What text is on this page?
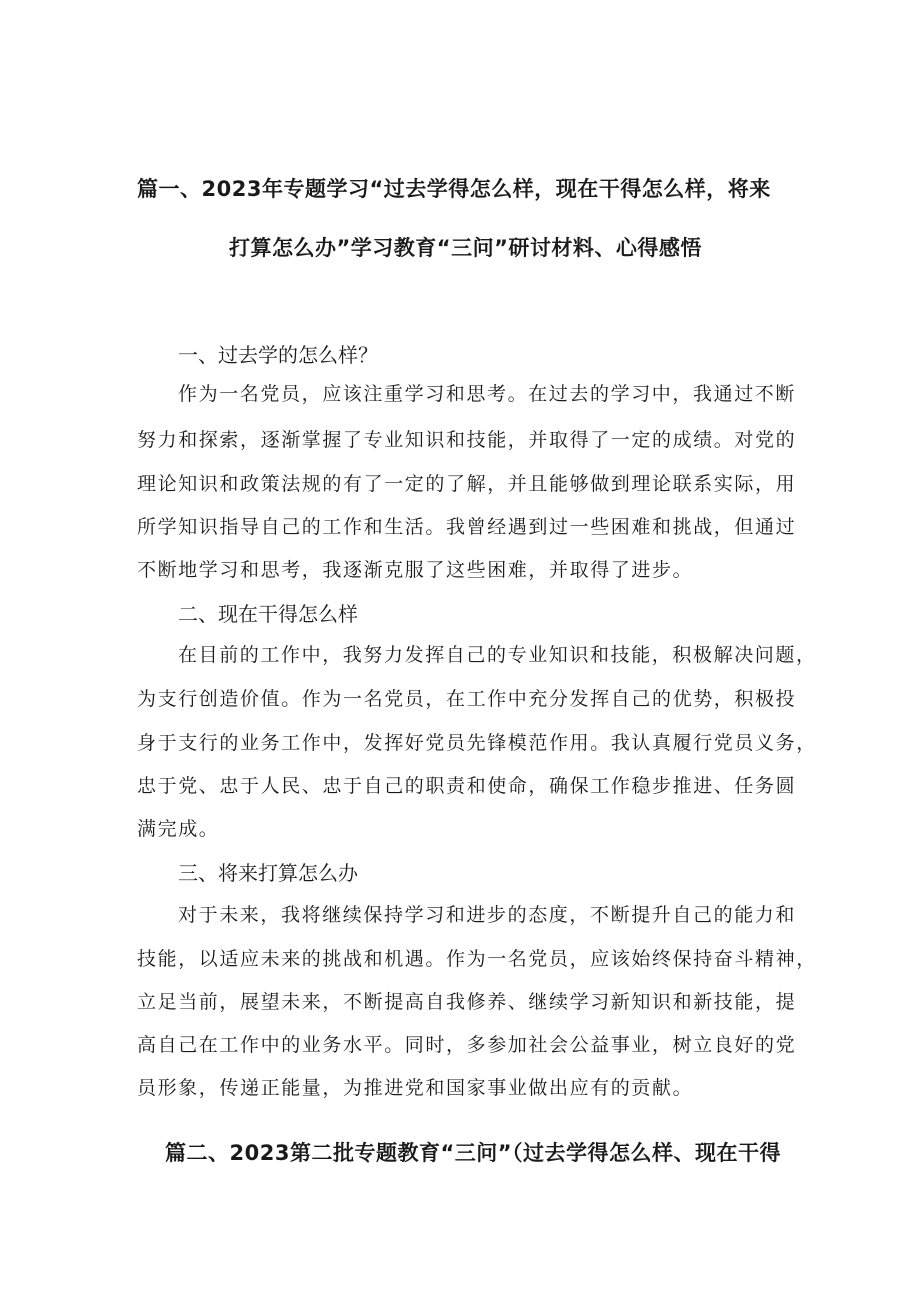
篇一、2023年专题学习“过去学得怎么样，现在干得怎么样，将来
打算怎么办”学习教育“三问”研讨材料、心得感悟
一、过去学的怎么样？
作为一名党员，应该注重学习和思考。在过去的学习中，我通过不断
努力和探索，逐渐掌握了专业知识和技能，并取得了一定的成绩。对党的
理论知识和政策法规的有了一定的了解，并且能够做到理论联系实际，用
所学知识指导自己的工作和生活。我曾经遇到过一些困难和挑战，但通过
不断地学习和思考，我逐渐克服了这些困难，并取得了进步。
二、现在干得怎么样
在目前的工作中，我努力发挥自己的专业知识和技能，积极解决问题，
为支行创造价值。作为一名党员，在工作中充分发挥自己的优势，积极投
身于支行的业务工作中，发挥好党员先锋模范作用。我认真履行党员义务，
忠于党、忠于人民、忠于自己的职责和使命，确保工作稳步推进、任务圆
满完成。
三、将来打算怎么办
对于未来，我将继续保持学习和进步的态度，不断提升自己的能力和
技能，以适应未来的挑战和机遇。作为一名党员，应该始终保持奋斗精神，
立足当前，展望未来，不断提高自我修养、继续学习新知识和新技能，提
高自己在工作中的业务水平。同时，多参加社会公益事业，树立良好的党
员形象，传递正能量，为推进党和国家事业做出应有的贡献。
篇二、2023第二批专题教育“三问”（过去学得怎么样、现在干得
